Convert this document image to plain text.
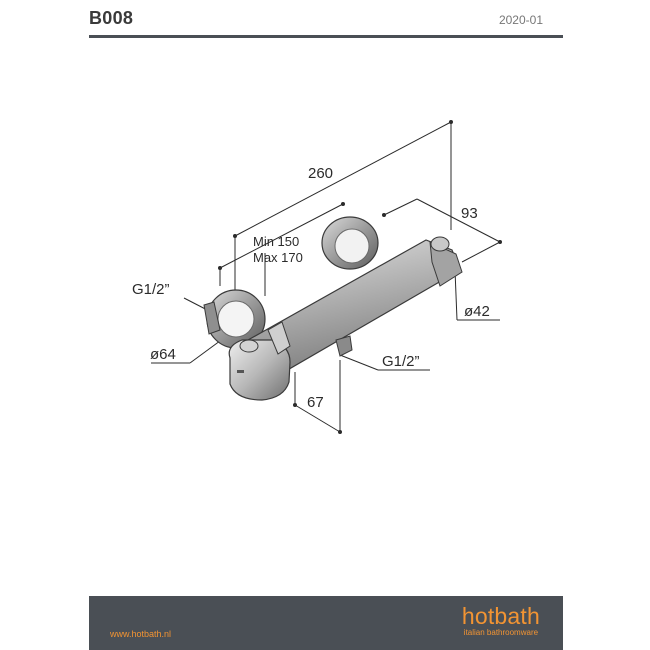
B008	2020-01
260
93
Min 150
Max 170
G1/2”
ø64	G1/2”
ø42
67
www.hotbath.nl
hotbath
italian bathroomware
